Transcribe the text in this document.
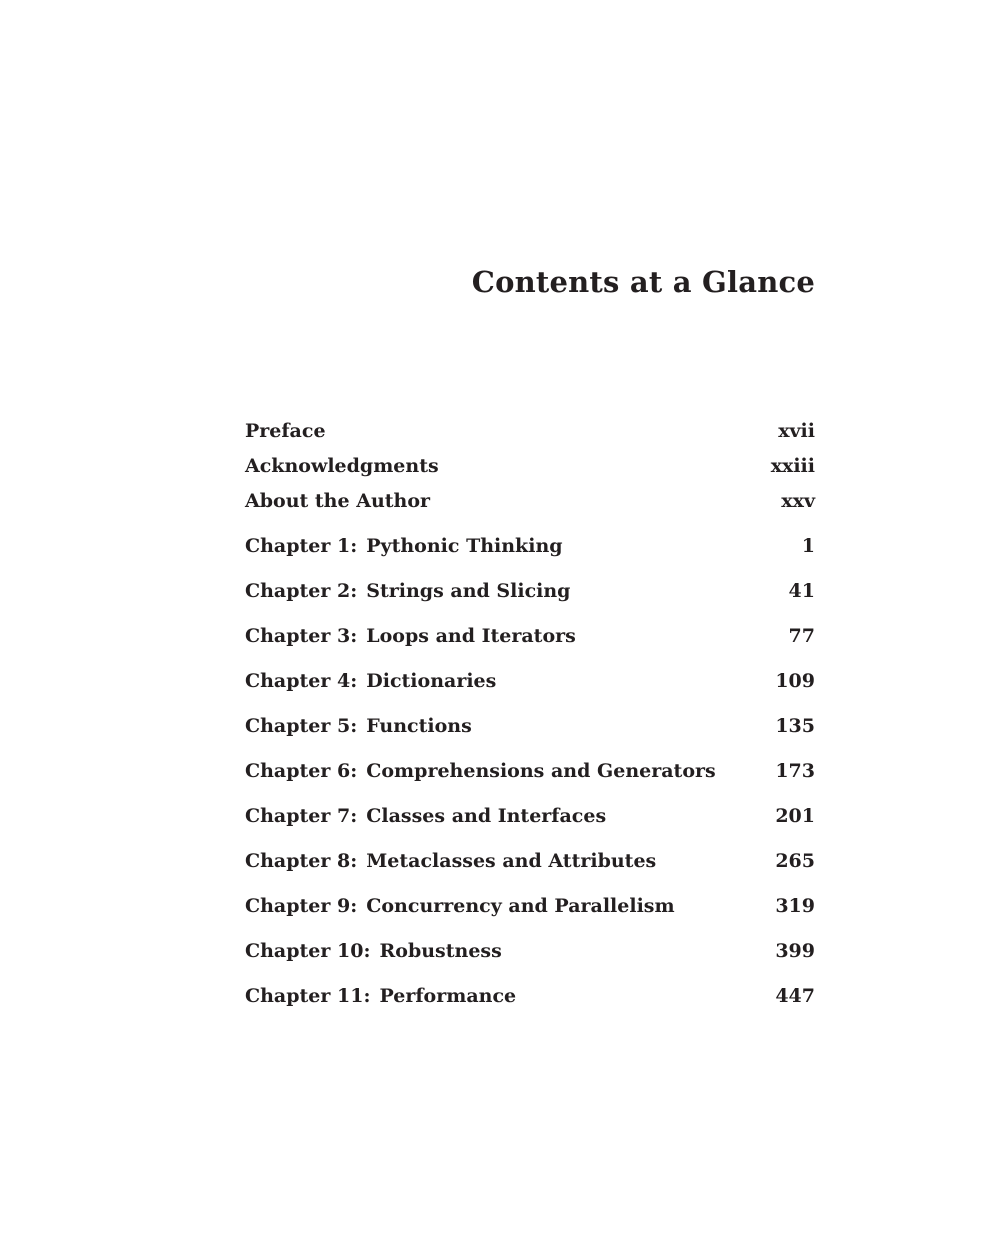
Contents at a Glance
Preface	xvii
Acknowledgments	xxiii
About the Author	xxv
Chapter 1: Pythonic Thinking	1
Chapter 2: Strings and Slicing	41
Chapter 3: Loops and Iterators	77
Chapter 4: Dictionaries	109
Chapter 5: Functions	135
Chapter 6: Comprehensions and Generators	173
Chapter 7: Classes and Interfaces	201
Chapter 8: Metaclasses and Attributes	265
Chapter 9: Concurrency and Parallelism	319
Chapter 10: Robustness	399
Chapter 11: Performance	447
